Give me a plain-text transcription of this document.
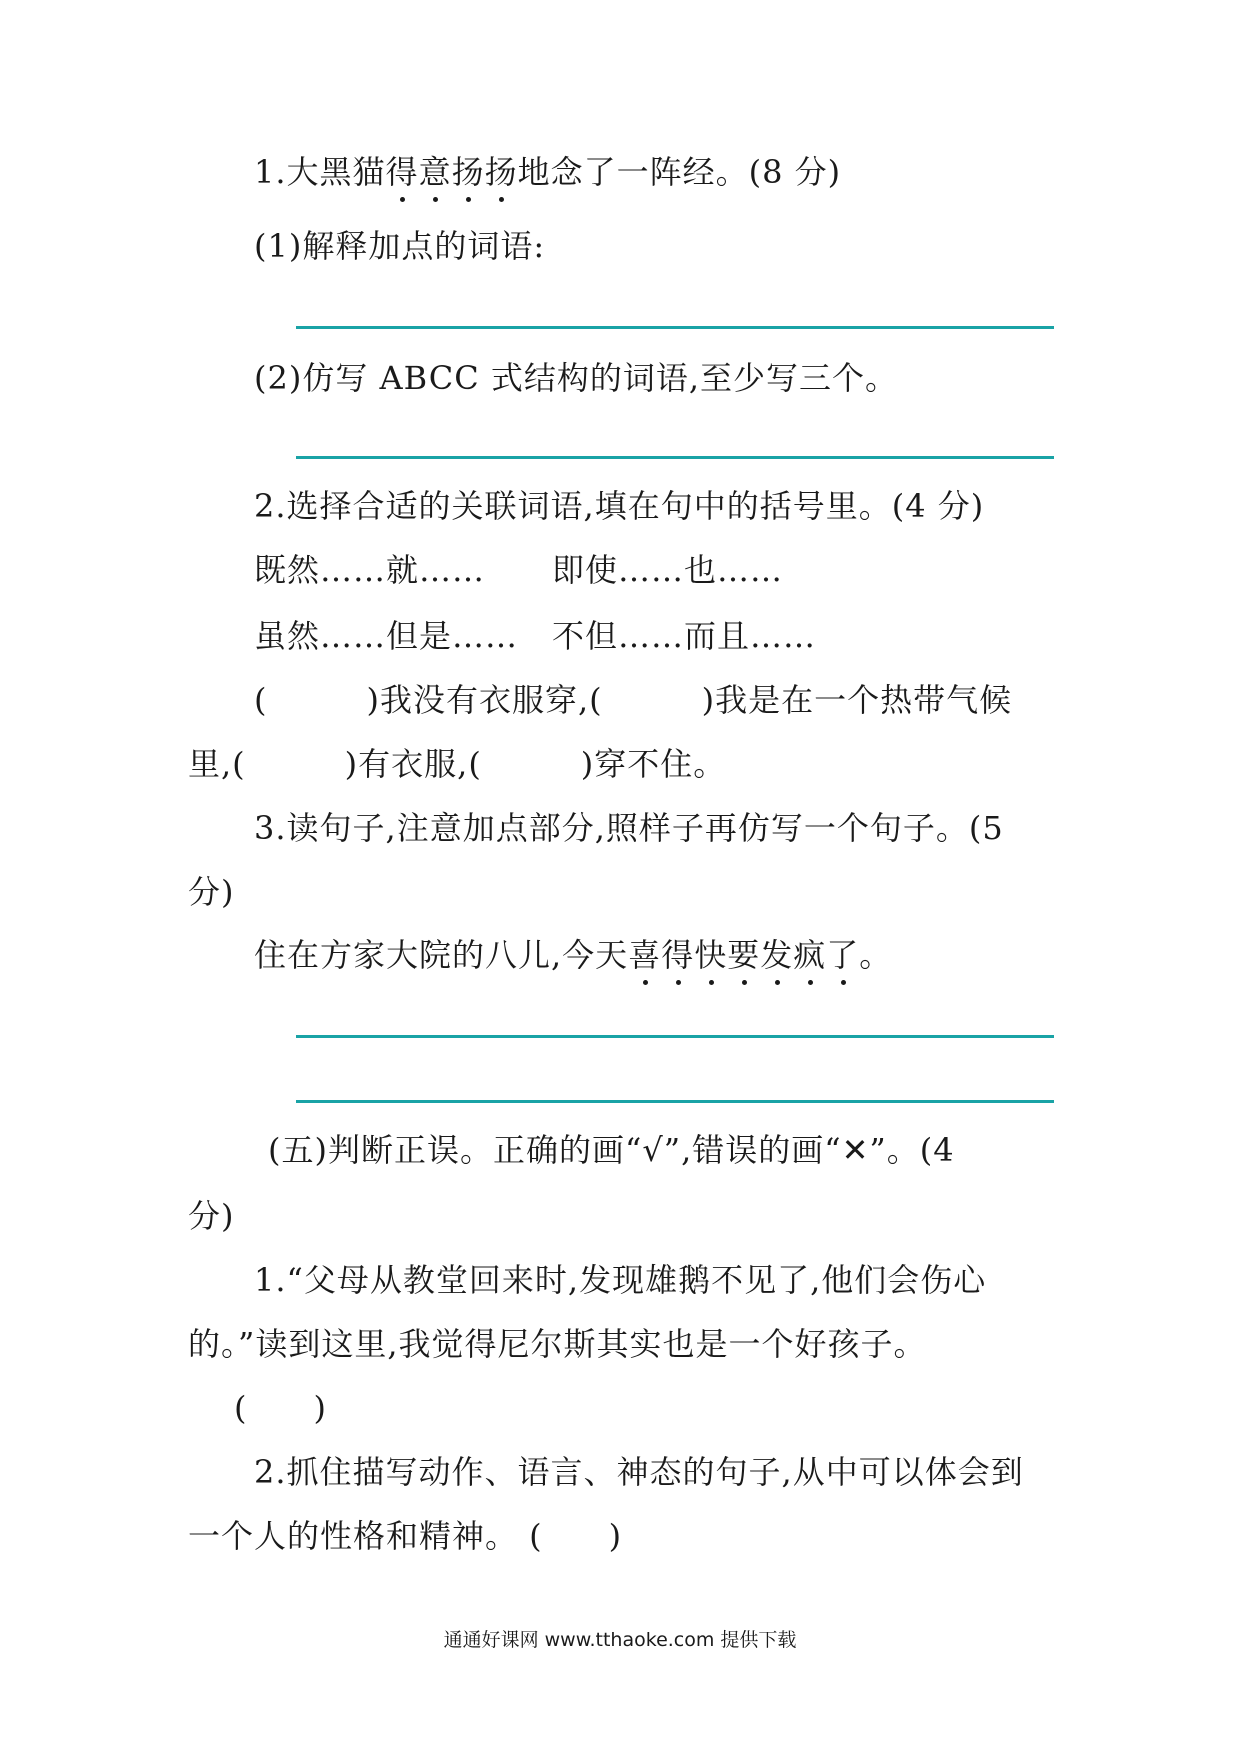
1.大黑猫得意扬扬地念了一阵经。(8 分)
(1)解释加点的词语:
(2)仿写 ABCC 式结构的词语,至少写三个。
2.选择合适的关联词语,填在句中的括号里。(4 分)
既然……就…… 即使……也……
虽然……但是…… 不但……而且……
(　　　)我没有衣服穿,(　　　)我是在一个热带气候
里,(　　　)有衣服,(　　　)穿不住。
3.读句子,注意加点部分,照样子再仿写一个句子。(5
分)
住在方家大院的八儿,今天喜得快要发疯了。
(五)判断正误。正确的画“√”,错误的画“✕”。(4
分)
1.“父母从教堂回来时,发现雄鹅不见了,他们会伤心
的。”读到这里,我觉得尼尔斯其实也是一个好孩子。
(　　)
2.抓住描写动作、语言、神态的句子,从中可以体会到
一个人的性格和精神。 (　　)
通通好课网 www.tthaoke.com 提供下载
